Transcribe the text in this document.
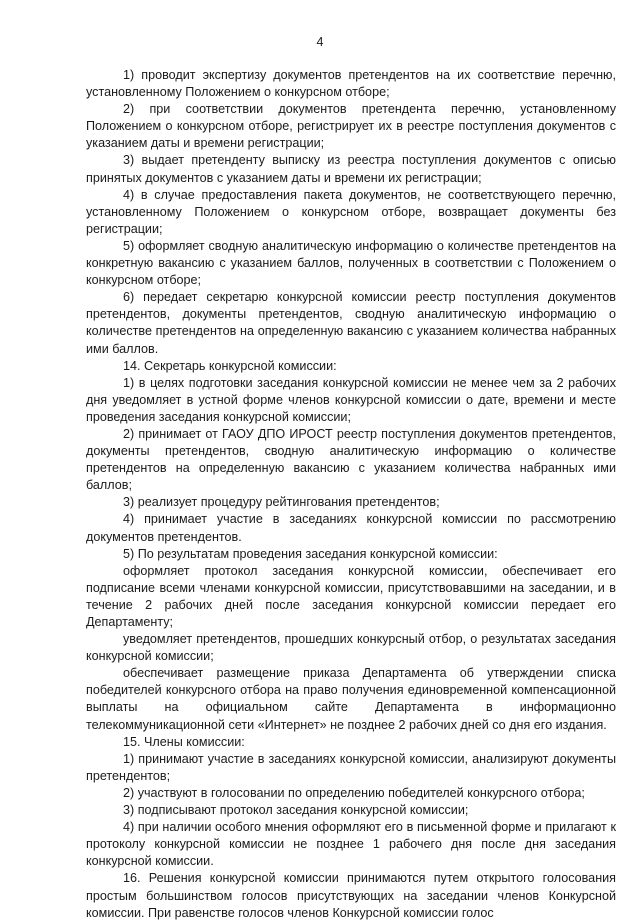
4

1) проводит экспертизу документов претендентов на их соответствие перечню, установленному Положением о конкурсном отборе;

2) при соответствии документов претендента перечню, установленному Положением о конкурсном отборе, регистрирует их в реестре поступления документов с указанием даты и времени регистрации;

3) выдает претенденту выписку из реестра поступления документов с описью принятых документов с указанием даты и времени их регистрации;

4) в случае предоставления пакета документов, не соответствующего перечню, установленному Положением о конкурсном отборе, возвращает документы без регистрации;

5) оформляет сводную аналитическую информацию о количестве претендентов на конкретную вакансию с указанием баллов, полученных в соответствии с Положением о конкурсном отборе;

6) передает секретарю конкурсной комиссии реестр поступления документов претендентов, документы претендентов, сводную аналитическую информацию о количестве претендентов на определенную вакансию с указанием количества набранных ими баллов.

14. Секретарь конкурсной комиссии:

1) в целях подготовки заседания конкурсной комиссии не менее чем за 2 рабочих дня уведомляет в устной форме членов конкурсной комиссии о дате, времени и месте проведения заседания конкурсной комиссии;

2) принимает от ГАОУ ДПО ИРОСТ реестр поступления документов претендентов, документы претендентов, сводную аналитическую информацию о количестве претендентов на определенную вакансию с указанием количества набранных ими баллов;

3) реализует процедуру рейтингования претендентов;

4) принимает участие в заседаниях конкурсной комиссии по рассмотрению документов претендентов.

5) По результатам проведения заседания конкурсной комиссии:

оформляет протокол заседания конкурсной комиссии, обеспечивает его подписание всеми членами конкурсной комиссии, присутствовавшими на заседании, и в течение 2 рабочих дней после заседания конкурсной комиссии передает его Департаменту;

уведомляет претендентов, прошедших конкурсный отбор, о результатах заседания конкурсной комиссии;

обеспечивает размещение приказа Департамента об утверждении списка победителей конкурсного отбора на право получения единовременной компенсационной выплаты на официальном сайте Департамента в информационно телекоммуникационной сети «Интернет» не позднее 2 рабочих дней со дня его издания.

15. Члены комиссии:

1) принимают участие в заседаниях конкурсной комиссии, анализируют документы претендентов;

2) участвуют в голосовании по определению победителей конкурсного отбора;

3) подписывают протокол заседания конкурсной комиссии;

4) при наличии особого мнения оформляют его в письменной форме и прилагают к протоколу конкурсной комиссии не позднее 1 рабочего дня после дня заседания конкурсной комиссии.

16. Решения конкурсной комиссии принимаются путем открытого голосования простым большинством голосов присутствующих на заседании членов Конкурсной комиссии. При равенстве голосов членов Конкурсной комиссии голос
